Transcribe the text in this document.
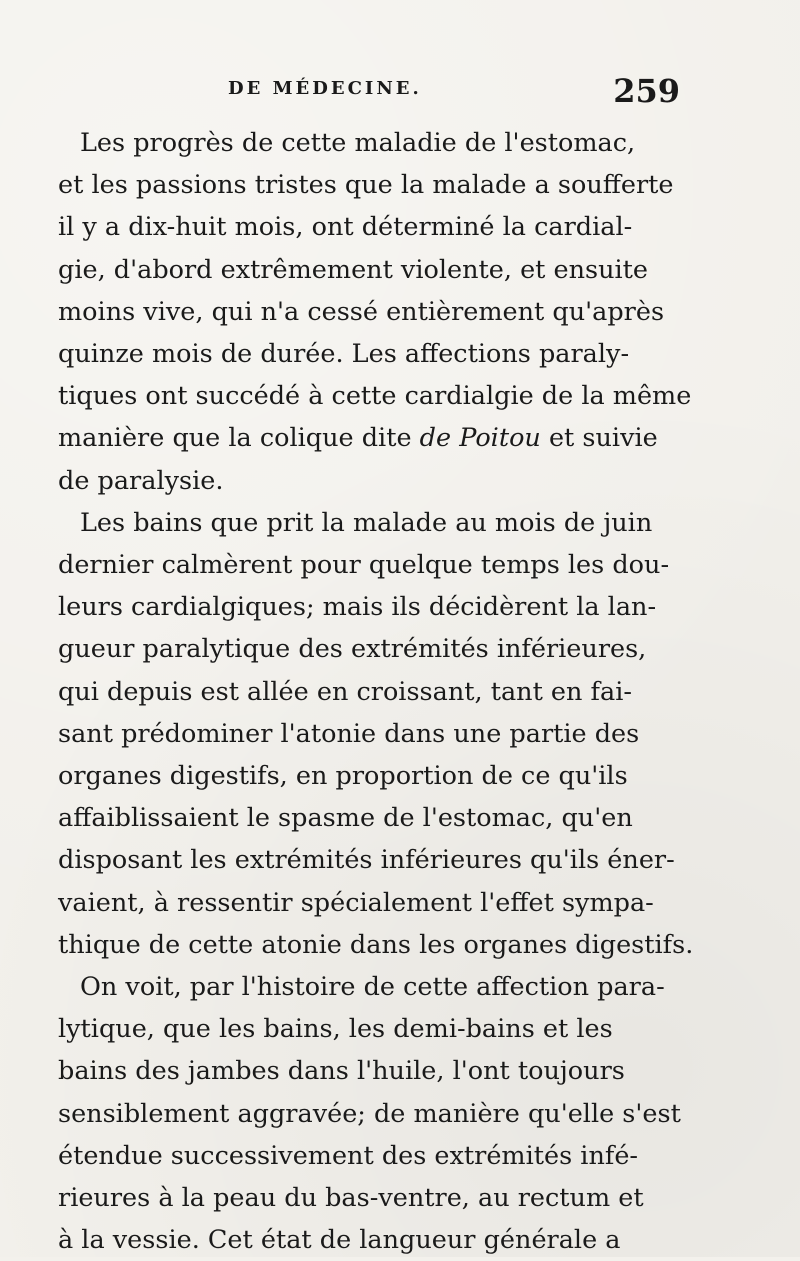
DE MÉDECINE.	259

Les progrès de cette maladie de l'estomac,
et les passions tristes que la malade a soufferte
il y a dix-huit mois, ont déterminé la cardial-
gie, d'abord extrêmement violente, et ensuite
moins vive, qui n'a cessé entièrement qu'après
quinze mois de durée. Les affections paraly-
tiques ont succédé à cette cardialgie de la même
manière que la colique dite de Poitou et suivie
de paralysie.

Les bains que prit la malade au mois de juin
dernier calmèrent pour quelque temps les dou-
leurs cardialgiques; mais ils décidèrent la lan-
gueur paralytique des extrémités inférieures,
qui depuis est allée en croissant, tant en fai-
sant prédominer l'atonie dans une partie des
organes digestifs, en proportion de ce qu'ils
affaiblissaient le spasme de l'estomac, qu'en
disposant les extrémités inférieures qu'ils éner-
vaient, à ressentir spécialement l'effet sympa-
thique de cette atonie dans les organes digestifs.

On voit, par l'histoire de cette affection para-
lytique, que les bains, les demi-bains et les
bains des jambes dans l'huile, l'ont toujours
sensiblement aggravée; de manière qu'elle s'est
étendue successivement des extrémités infé-
rieures à la peau du bas-ventre, au rectum et
à la vessie. Cet état de langueur générale a
